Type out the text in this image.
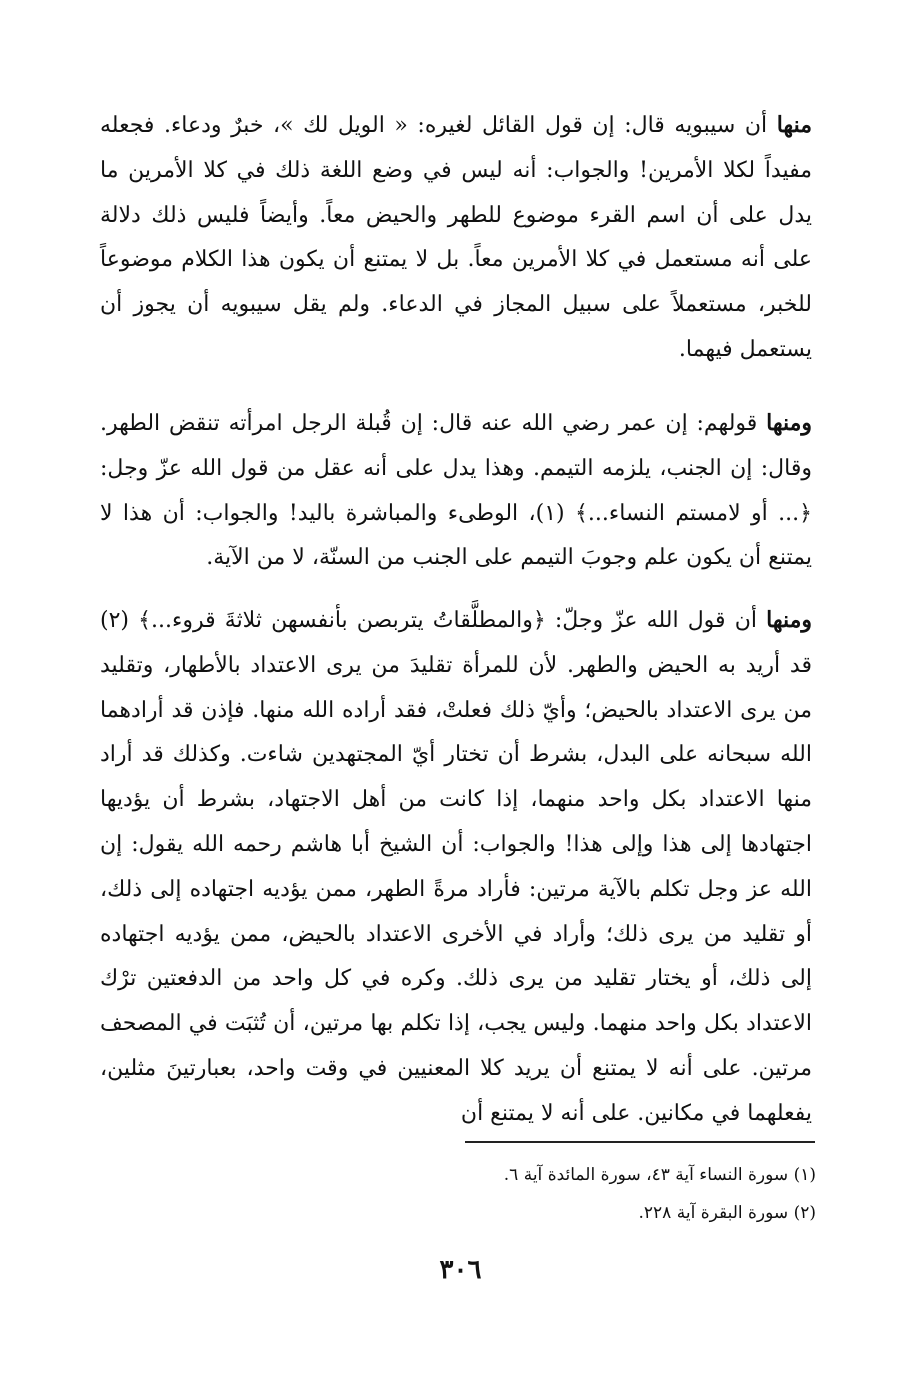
منها أن سيبويه قال: إن قول القائل لغيره: « الويل لك »، خبرٌ ودعاء. فجعله مفيداً لكلا الأمرين! والجواب: أنه ليس في وضع اللغة ذلك في كلا الأمرين ما يدل على أن اسم القرء موضوع للطهر والحيض معاً. وأيضاً فليس ذلك دلالة على أنه مستعمل في كلا الأمرين معاً. بل لا يمتنع أن يكون هذا الكلام موضوعاً للخبر، مستعملاً على سبيل المجاز في الدعاء. ولم يقل سيبويه أن يجوز أن يستعمل فيهما.

ومنها قولهم: إن عمر رضي الله عنه قال: إن قُبلة الرجل امرأته تنقض الطهر. وقال: إن الجنب، يلزمه التيمم. وهذا يدل على أنه عقل من قول الله عزّ وجل: ﴿... أو لامستم النساء...﴾ (١)، الوطىء والمباشرة باليد! والجواب: أن هذا لا يمتنع أن يكون علم وجوبَ التيمم على الجنب من السنّة، لا من الآية.

ومنها أن قول الله عزّ وجلّ: ﴿والمطلَّقاتُ يتربصن بأنفسهن ثلاثةَ قروء...﴾ (٢) قد أريد به الحيض والطهر. لأن للمرأة تقليدَ من يرى الاعتداد بالأطهار، وتقليد من يرى الاعتداد بالحيض؛ وأيّ ذلك فعلتْ، فقد أراده الله منها. فإذن قد أرادهما الله سبحانه على البدل، بشرط أن تختار أيّ المجتهدين شاءت. وكذلك قد أراد منها الاعتداد بكل واحد منهما، إذا كانت من أهل الاجتهاد، بشرط أن يؤديها اجتهادها إلى هذا وإلى هذا! والجواب: أن الشيخ أبا هاشم رحمه الله يقول: إن الله عز وجل تكلم بالآية مرتين: فأراد مرةً الطهر، ممن يؤديه اجتهاده إلى ذلك، أو تقليد من يرى ذلك؛ وأراد في الأخرى الاعتداد بالحيض، ممن يؤديه اجتهاده إلى ذلك، أو يختار تقليد من يرى ذلك. وكره في كل واحد من الدفعتين ترْك الاعتداد بكل واحد منهما. وليس يجب، إذا تكلم بها مرتين، أن تُثبَت في المصحف مرتين. على أنه لا يمتنع أن يريد كلا المعنيين في وقت واحد، بعبارتينَ مثلين، يفعلهما في مكانين. على أنه لا يمتنع أن

(١) سورة النساء آية ٤٣، سورة المائدة آية ٦.
(٢) سورة البقرة آية ٢٢٨.
٣٠٦
